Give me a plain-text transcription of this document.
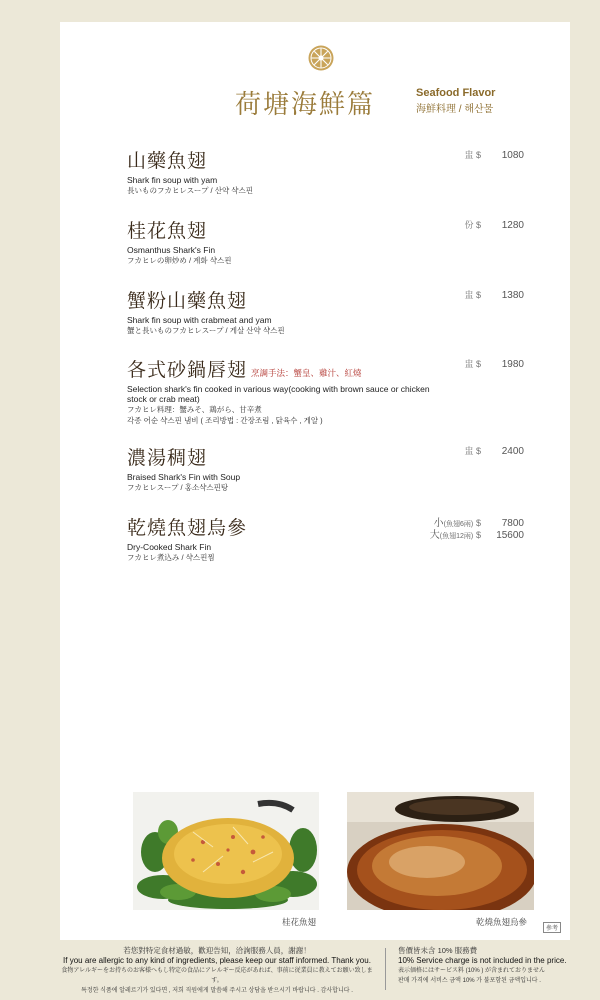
荷塘海鮮篇	Seafood Flavor
海鮮料理 / 해산물
山藥魚翅
Shark fin soup with yam
長いものフカヒレスープ / 산약 샥스핀
盅 $ 1080
桂花魚翅
Osmanthus Shark's Fin
フカヒレの卵炒め / 계화 샥스핀
份 $ 1280
蟹粉山藥魚翅
Shark fin soup with crabmeat and yam
蟹と長いものフカヒレスープ / 게살 산약 샥스핀
盅 $ 1380
各式砂鍋唇翅 烹調手法：蟹皇、雞汁、紅燒
Selection shark's fin cooked in various way(cooking with brown sauce or chicken stock or crab meat)
フカヒレ料理：蟹みそ、鶏がら、甘辛煮
각종 어순 샥스핀 냄비 ( 조리방법 : 간장조림 , 닭육수 , 게알 )
盅 $ 1980
濃湯稠翅
Braised Shark's Fin with Soup
フカヒレスープ / 홍소샥스핀탕
盅 $ 2400
乾燒魚翅烏參
Dry-Cooked Shark Fin
フカヒレ煮込み / 샥스핀찜
小(魚翅6兩) $ 7800
大(魚翅12兩) $ 15600
桂花魚翅	乾燒魚翅烏參
參考
若您對特定食材過敏，歡迎告知，洽詢服務人員，謝謝！
If you are allergic to any kind of ingredients, please keep our staff informed. Thank you.
食物アレルギーをお持ちのお客様へもし特定の食品にアレルギー反応があれば、事前に従業員に教えてお願い致します。
특정한 식품에 알레르기가 있다면 , 저희 직원에게 말씀해 주시고 상담을 받으시기 바랍니다 . 감사합니다 .
售價皆未含 10% 服務費
10% Service charge is not included in the price.
表示価格にはサービス料 (10% ) が含まれておりません
판매 가격에 서비스 금액 10% 가 불포함된 금액입니다 .
